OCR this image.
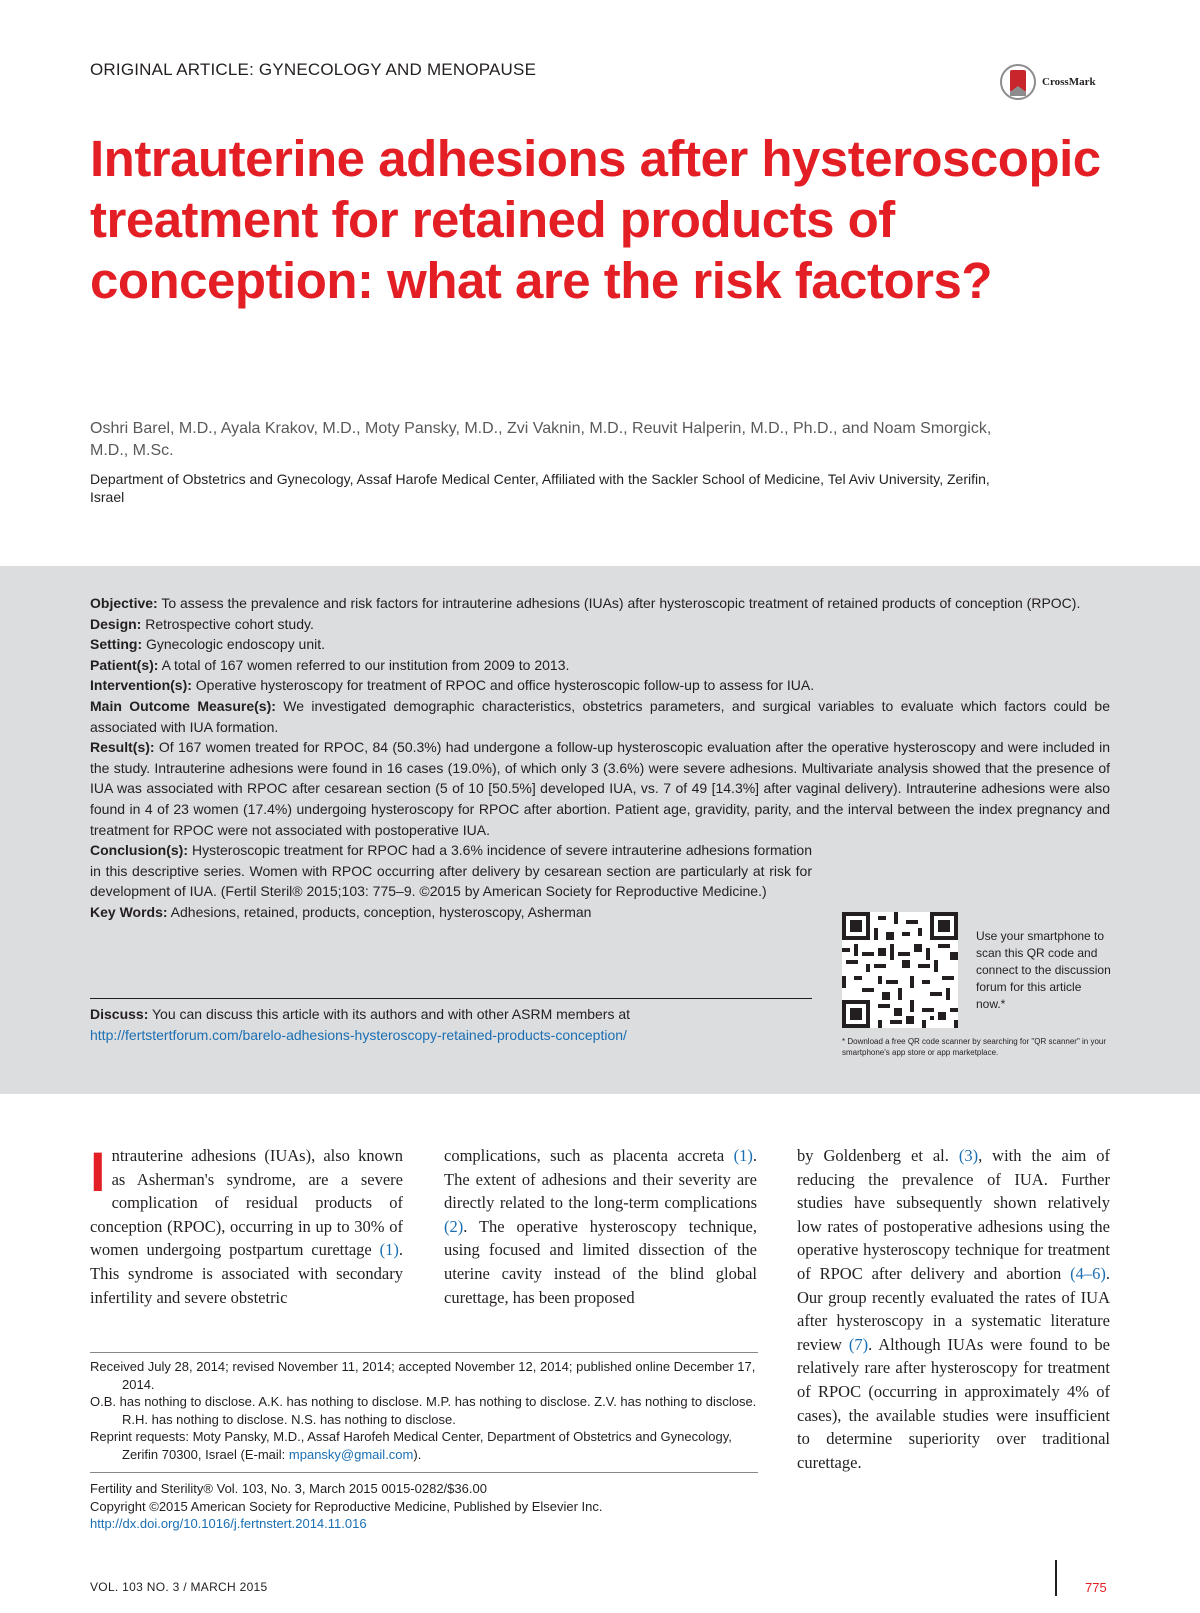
ORIGINAL ARTICLE: GYNECOLOGY AND MENOPAUSE
CrossMark
Intrauterine adhesions after hysteroscopic treatment for retained products of conception: what are the risk factors?
Oshri Barel, M.D., Ayala Krakov, M.D., Moty Pansky, M.D., Zvi Vaknin, M.D., Reuvit Halperin, M.D., Ph.D., and Noam Smorgick, M.D., M.Sc.
Department of Obstetrics and Gynecology, Assaf Harofe Medical Center, Affiliated with the Sackler School of Medicine, Tel Aviv University, Zerifin, Israel

Objective: To assess the prevalence and risk factors for intrauterine adhesions (IUAs) after hysteroscopic treatment of retained products of conception (RPOC).

Design: Retrospective cohort study.

Setting: Gynecologic endoscopy unit.

Patient(s): A total of 167 women referred to our institution from 2009 to 2013.

Intervention(s): Operative hysteroscopy for treatment of RPOC and office hysteroscopic follow-up to assess for IUA.

Main Outcome Measure(s): We investigated demographic characteristics, obstetrics parameters, and surgical variables to evaluate which factors could be associated with IUA formation.

Result(s): Of 167 women treated for RPOC, 84 (50.3%) had undergone a follow-up hysteroscopic evaluation after the operative hysteroscopy and were included in the study. Intrauterine adhesions were found in 16 cases (19.0%), of which only 3 (3.6%) were severe adhesions. Multivariate analysis showed that the presence of IUA was associated with RPOC after cesarean section (5 of 10 [50.5%] developed IUA, vs. 7 of 49 [14.3%] after vaginal delivery). Intrauterine adhesions were also found in 4 of 23 women (17.4%) undergoing hysteroscopy for RPOC after abortion. Patient age, gravidity, parity, and the interval between the index pregnancy and treatment for RPOC were not associated with postoperative IUA.

Conclusion(s): Hysteroscopic treatment for RPOC had a 3.6% incidence of severe intrauterine adhesions formation in this descriptive series. Women with RPOC occurring after delivery by cesarean section are particularly at risk for development of IUA. (Fertil Steril® 2015;103: 775–9. ©2015 by American Society for Reproductive Medicine.)

Key Words: Adhesions, retained, products, conception, hysteroscopy, Asherman

Discuss: You can discuss this article with its authors and with other ASRM members at http://fertstertforum.com/barelo-adhesions-hysteroscopy-retained-products-conception/
Use your smartphone to scan this QR code and connect to the discussion forum for this article now.*
* Download a free QR code scanner by searching for "QR scanner" in your smartphone's app store or app marketplace.
Intrauterine adhesions (IUAs), also known as Asherman's syndrome, are a severe complication of residual products of conception (RPOC), occurring in up to 30% of women undergoing postpartum curettage (1). This syndrome is associated with secondary infertility and severe obstetric
complications, such as placenta accreta (1). The extent of adhesions and their severity are directly related to the long-term complications (2). The operative hysteroscopy technique, using focused and limited dissection of the uterine cavity instead of the blind global curettage, has been proposed
by Goldenberg et al. (3), with the aim of reducing the prevalence of IUA. Further studies have subsequently shown relatively low rates of postoperative adhesions using the operative hysteroscopy technique for treatment of RPOC after delivery and abortion (4–6). Our group recently evaluated the rates of IUA after hysteroscopy in a systematic literature review (7). Although IUAs were found to be relatively rare after hysteroscopy for treatment of RPOC (occurring in approximately 4% of cases), the available studies were insufficient to determine superiority over traditional curettage.

Received July 28, 2014; revised November 11, 2014; accepted November 12, 2014; published online December 17, 2014.

O.B. has nothing to disclose. A.K. has nothing to disclose. M.P. has nothing to disclose. Z.V. has nothing to disclose. R.H. has nothing to disclose. N.S. has nothing to disclose.

Reprint requests: Moty Pansky, M.D., Assaf Harofeh Medical Center, Department of Obstetrics and Gynecology, Zerifin 70300, Israel (E-mail: mpansky@gmail.com).

Fertility and Sterility® Vol. 103, No. 3, March 2015 0015-0282/$36.00
Copyright ©2015 American Society for Reproductive Medicine, Published by Elsevier Inc.
http://dx.doi.org/10.1016/j.fertnstert.2014.11.016
VOL. 103 NO. 3 / MARCH 2015	775
